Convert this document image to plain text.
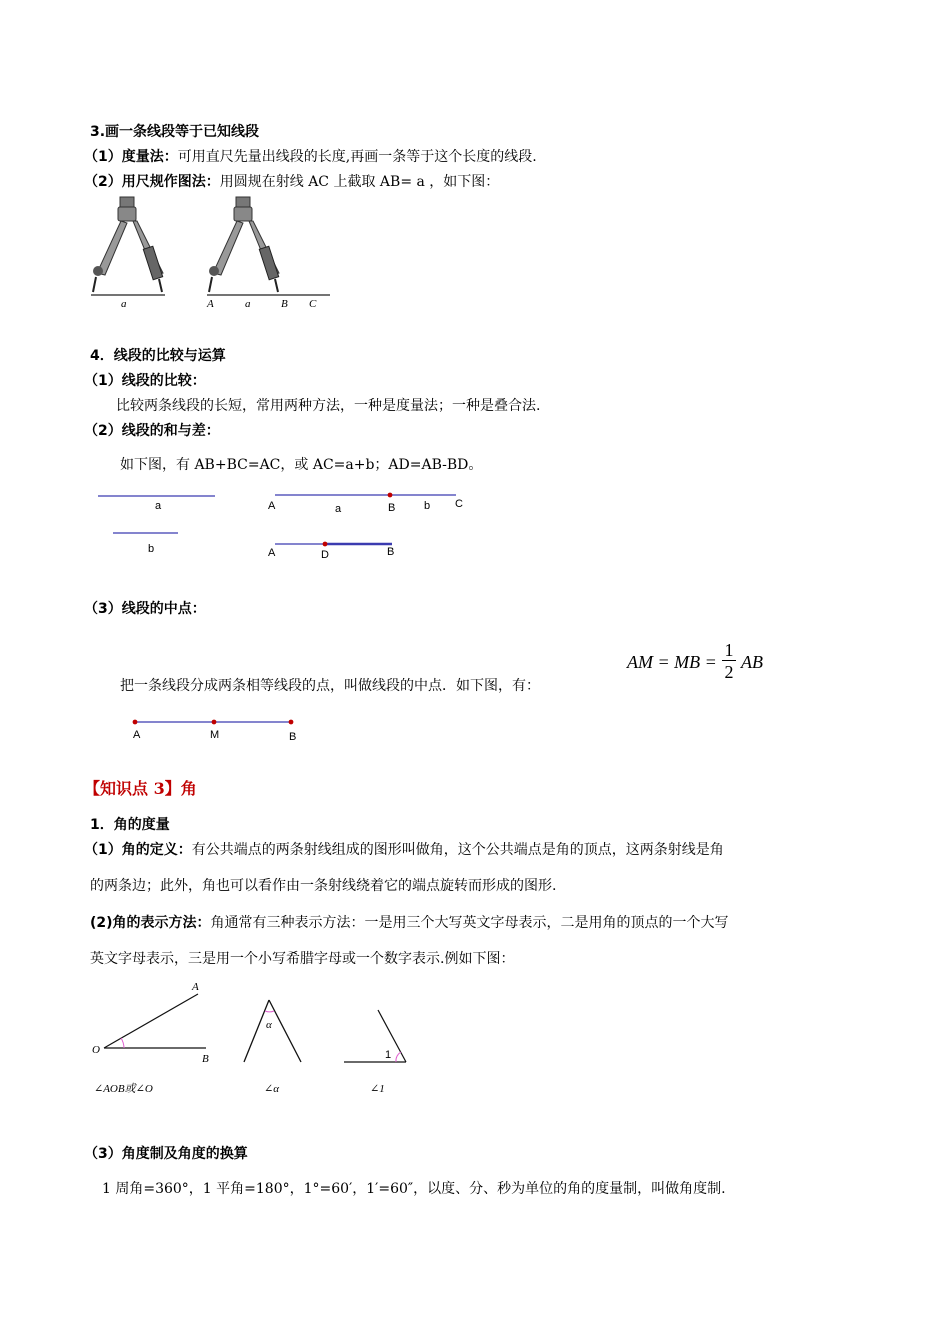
3.画一条线段等于已知线段
（1）度量法：可用直尺先量出线段的长度,再画一条等于这个长度的线段.
（2）用尺规作图法：用圆规在射线 AC 上截取 AB= a ，如下图：
a	A	a	B C
4．线段的比较与运算
（1）线段的比较：
比较两条线段的长短，常用两种方法，一种是度量法；一种是叠合法.
（2）线段的和与差：
如下图，有 AB+BC=AC，或 AC=a+b；AD=AB-BD。
a
b
A	a	B	b C
A	D	B
（3）线段的中点：
把一条线段分成两条相等线段的点，叫做线段的中点．如下图，有：
AM = MB =
1
2 AB
A	M	B
【知识点 3】角
1．角的度量
（1）角的定义：有公共端点的两条射线组成的图形叫做角，这个公共端点是角的顶点，这两条射线是角
的两条边；此外，角也可以看作由一条射线绕着它的端点旋转而形成的图形.
(2)角的表示方法：角通常有三种表示方法：一是用三个大写英文字母表示，二是用角的顶点的一个大写
英文字母表示，三是用一个小写希腊字母或一个数字表示.例如下图：
A
O
B
∠AOB或∠O
α
∠α
1
∠1
（3）角度制及角度的换算
1 周角=360°，1 平角=180°，1°=60′，1′=60″，以度、分、秒为单位的角的度量制，叫做角度制.
